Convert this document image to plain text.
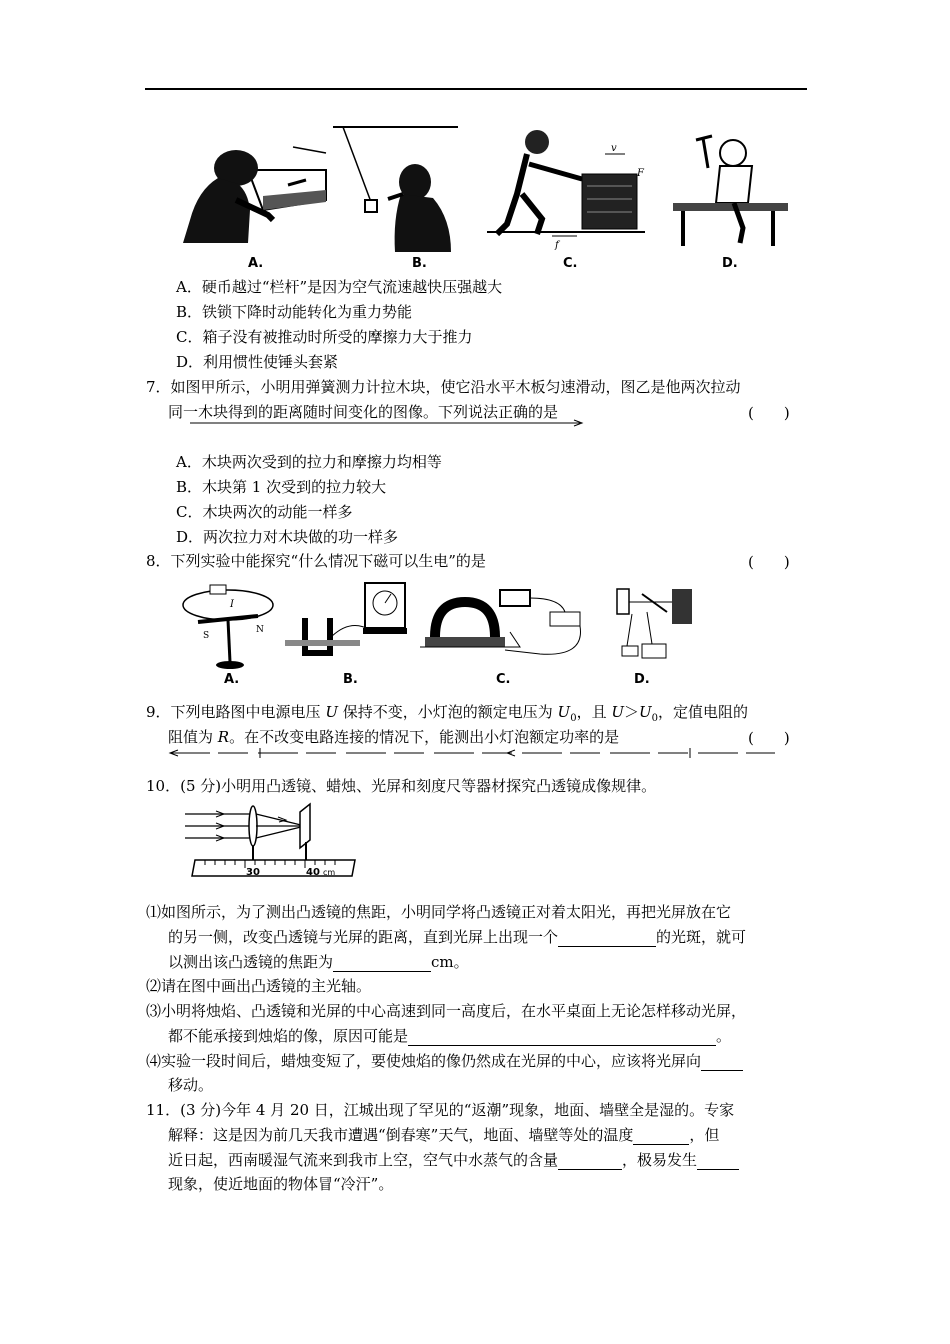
A.	B.
v
F
f
C.	D.
A．硬币越过“栏杆”是因为空气流速越快压强越大
B．铁锁下降时动能转化为重力势能
C．箱子没有被推动时所受的摩擦力大于推力
D．利用惯性使锤头套紧
7．如图甲所示，小明用弹簧测力计拉木块，使它沿水平木板匀速滑动，图乙是他两次拉动
同一木块得到的距离随时间变化的图像。下列说法正确的是	(　　)
A．木块两次受到的拉力和摩擦力均相等
B．木块第 1 次受到的拉力较大
C．木块两次的动能一样多
D．两次拉力对木块做的功一样多
8．下列实验中能探究“什么情况下磁可以生电”的是	(　　)
I
S
N
A.	B.	C.	D.
9．下列电路图中电源电压 U 保持不变，小灯泡的额定电压为 $U_0$，且 $U>U_0$，定值电阻的
阻值为 R。在不改变电路连接的情况下，能测出小灯泡额定功率的是	(　　)
10．(5 分)小明用凸透镜、蜡烛、光屏和刻度尺等器材探究凸透镜成像规律。
30	40 cm
⑴如图所示，为了测出凸透镜的焦距，小明同学将凸透镜正对着太阳光，再把光屏放在它
的另一侧，改变凸透镜与光屏的距离，直到光屏上出现一个	的光斑，就可
以测出该凸透镜的焦距为	cm。
⑵请在图中画出凸透镜的主光轴。
⑶小明将烛焰、凸透镜和光屏的中心高速到同一高度后，在水平桌面上无论怎样移动光屏，
都不能承接到烛焰的像，原因可能是	。
⑷实验一段时间后，蜡烛变短了，要使烛焰的像仍然成在光屏的中心，应该将光屏向
移动。
11．(3 分)今年 4 月 20 日，江城出现了罕见的“返潮”现象，地面、墙壁全是湿的。专家
解释：这是因为前几天我市遭遇“倒春寒”天气，地面、墙壁等处的温度	，但
近日起，西南暖湿气流来到我市上空，空气中水蒸气的含量	，极易发生
现象，使近地面的物体冒“冷汗”。
